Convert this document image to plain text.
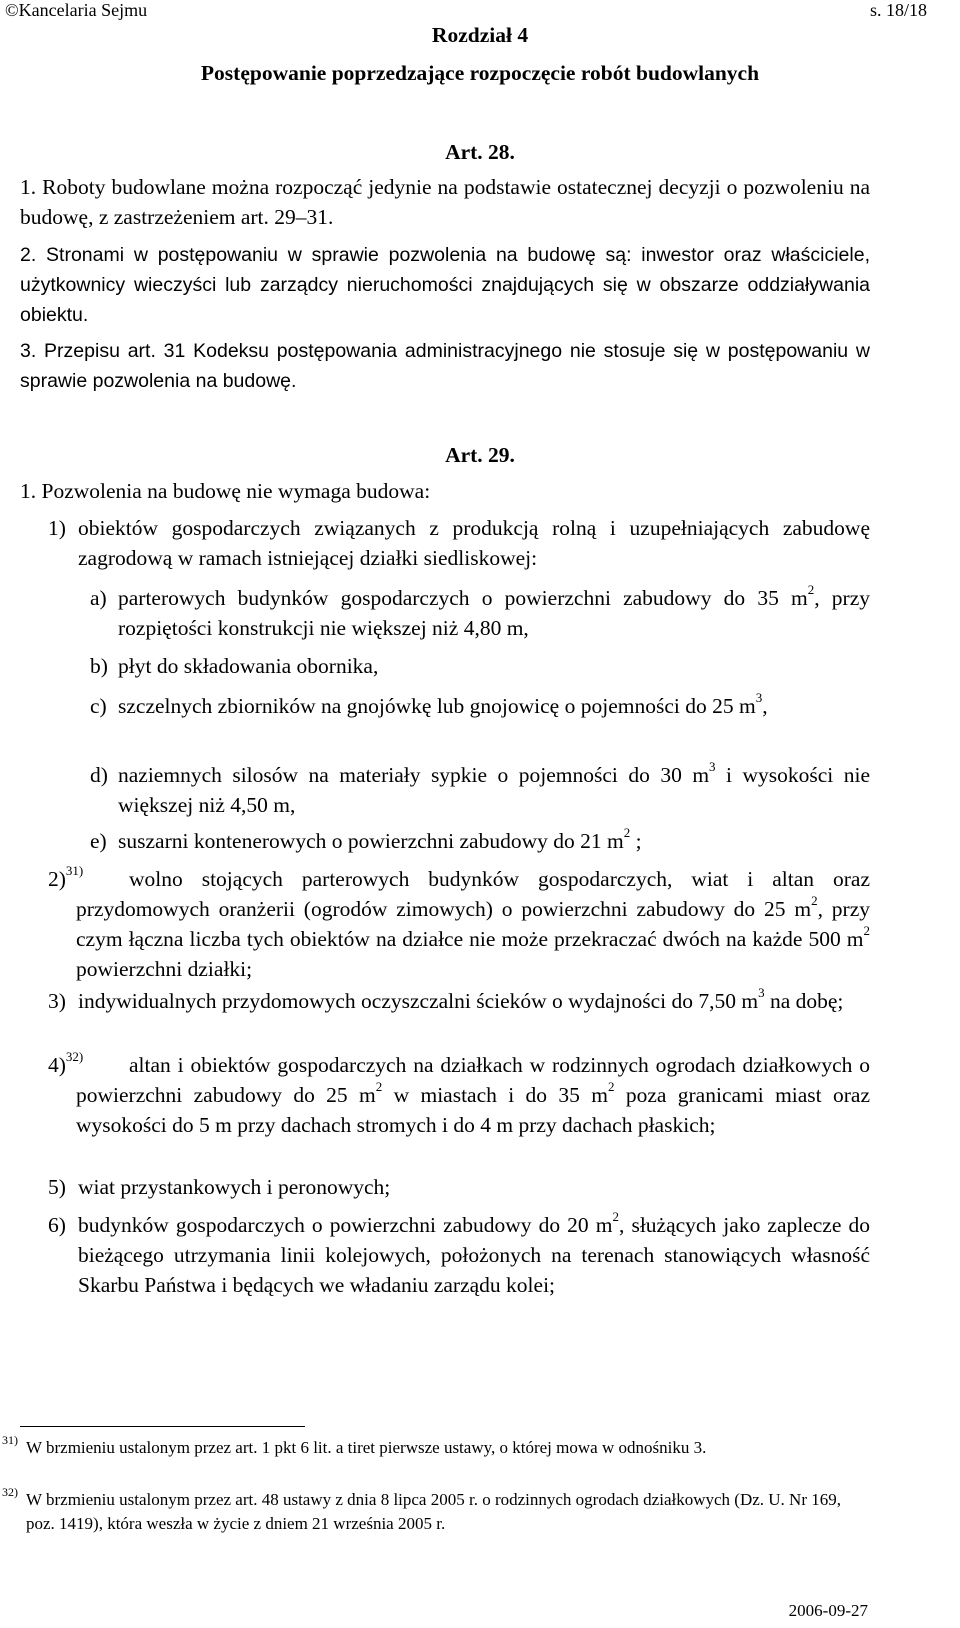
©Kancelaria Sejmu	s. 18/18
Rozdział 4
Postępowanie poprzedzające rozpoczęcie robót budowlanych
Art. 28.
1. Roboty budowlane można rozpocząć jedynie na podstawie ostatecznej decyzji o pozwoleniu na budowę, z zastrzeżeniem art. 29–31.
2. Stronami w postępowaniu w sprawie pozwolenia na budowę są: inwestor oraz właściciele, użytkownicy wieczyści lub zarządcy nieruchomości znajdujących się w obszarze oddziaływania obiektu.
3. Przepisu art. 31 Kodeksu postępowania administracyjnego nie stosuje się w postępowaniu w sprawie pozwolenia na budowę.
Art. 29.
1. Pozwolenia na budowę nie wymaga budowa:
1) obiektów gospodarczych związanych z produkcją rolną i uzupełniających zabudowę zagrodową w ramach istniejącej działki siedliskowej:
a) parterowych budynków gospodarczych o powierzchni zabudowy do 35 $m^2$, przy rozpiętości konstrukcji nie większej niż 4,80 m,
b) płyt do składowania obornika,
c) szczelnych zbiorników na gnojówkę lub gnojowicę o pojemności do 25 $m^3$,
d) naziemnych silosów na materiały sypkie o pojemności do 30 $m^3$ i wysokości nie większej niż 4,50 m,
e) suszarni kontenerowych o powierzchni zabudowy do 21 $m^2$ ;
2)$^{31)}$	wolno stojących parterowych budynków gospodarczych, wiat i altan oraz przydomowych oranżerii (ogrodów zimowych) o powierzchni zabudowy do 25 $m^2$, przy czym łączna liczba tych obiektów na działce nie może przekraczać dwóch na każde 500 $m^2$ powierzchni działki;
3) indywidualnych przydomowych oczyszczalni ścieków o wydajności do 7,50 $m^3$ na dobę;
4)$^{32)}$	altan i obiektów gospodarczych na działkach w rodzinnych ogrodach działkowych o powierzchni zabudowy do 25 $m^2$ w miastach i do 35 $m^2$ poza granicami miast oraz wysokości do 5 m przy dachach stromych i do 4 m przy dachach płaskich;
5) wiat przystankowych i peronowych;
6) budynków gospodarczych o powierzchni zabudowy do 20 $m^2$, służących jako zaplecze do bieżącego utrzymania linii kolejowych, położonych na terenach stanowiących własność Skarbu Państwa i będących we władaniu zarządu kolei;
31) W brzmieniu ustalonym przez art. 1 pkt 6 lit. a tiret pierwsze ustawy, o której mowa w odnośniku 3.
32) W brzmieniu ustalonym przez art. 48 ustawy z dnia 8 lipca 2005 r. o rodzinnych ogrodach działkowych (Dz. U. Nr 169, poz. 1419), która weszła w życie z dniem 21 września 2005 r.
2006-09-27
